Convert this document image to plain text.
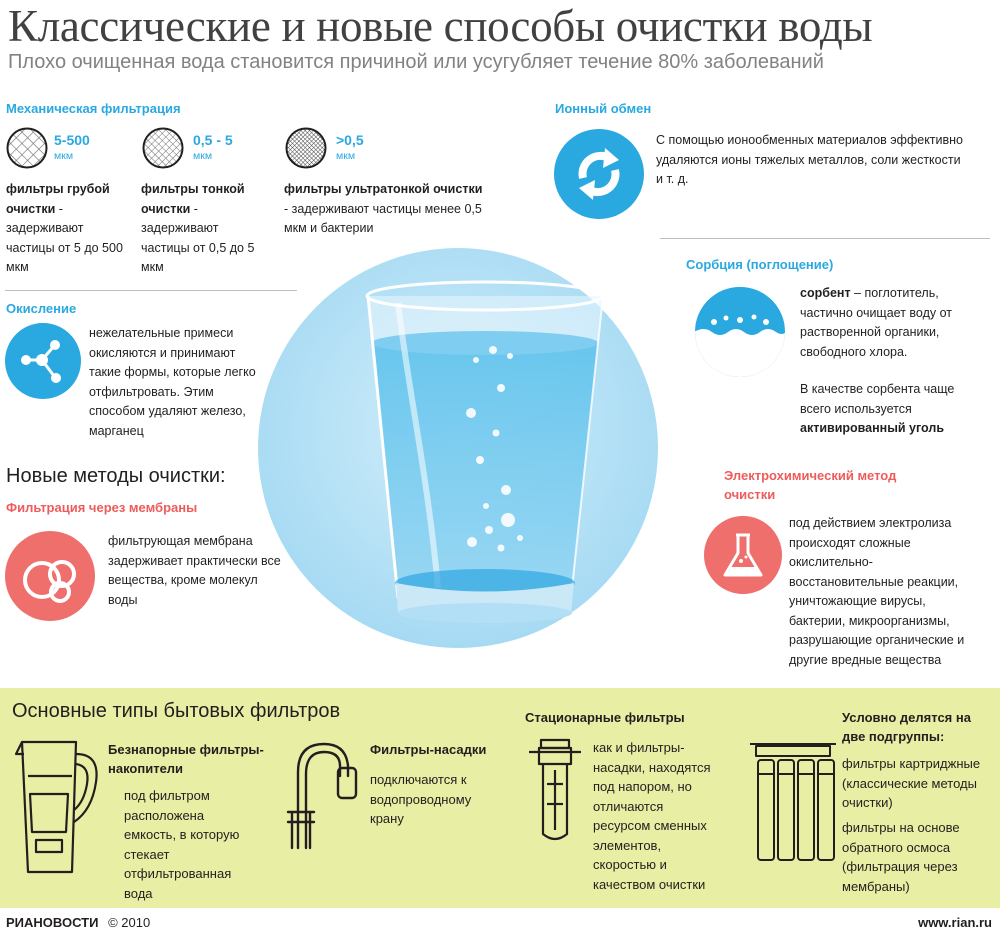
Классические и новые способы очистки воды
Плохо очищенная вода становится причиной или усугубляет течение 80% заболеваний
Механическая фильтрация
5-500
мкм
фильтры грубой очистки - задерживают частицы от 5 до 500 мкм
0,5 - 5
мкм
фильтры тонкой очистки - задерживают частицы от 0,5 до 5 мкм
>0,5
мкм
фильтры ультратонкой очистки - задерживают частицы менее 0,5 мкм и бактерии
Окисление
нежелательные примеси окисляются и принимают такие формы, которые легко отфильтровать. Этим способом удаляют железо, марганец
Новые методы очистки:
Фильтрация через мембраны
фильтрующая мембрана задерживает практически все вещества, кроме молекул воды
Ионный обмен
С помощью ионообменных материалов эффективно удаляются ионы тяжелых металлов, соли жесткости и т. д.
Сорбция (поглощение)
сорбент – поглотитель, частично очищает воду от растворенной органики, свободного хлора.
В качестве сорбента чаще всего используется активированный уголь
Электрохимический метод очистки
под действием электролиза происходят сложные окислительно-восстановительные реакции, уничтожающие вирусы, бактерии, микроорганизмы, разрушающие органические и другие вредные вещества
Основные типы бытовых фильтров
Безнапорные фильтры-накопители
под фильтром расположена емкость, в которую стекает отфильтрованная вода
Фильтры-насадки
подключаются к водопроводному крану
Стационарные фильтры
как и фильтры-насадки, находятся под напором, но отличаются ресурсом сменных элементов, скоростью и качеством очистки
Условно делятся на две подгруппы:
фильтры картриджные (классические методы очистки)
фильтры на основе обратного осмоса (фильтрация через мембраны)
РИАНОВОСТИ © 2010	www.rian.ru
